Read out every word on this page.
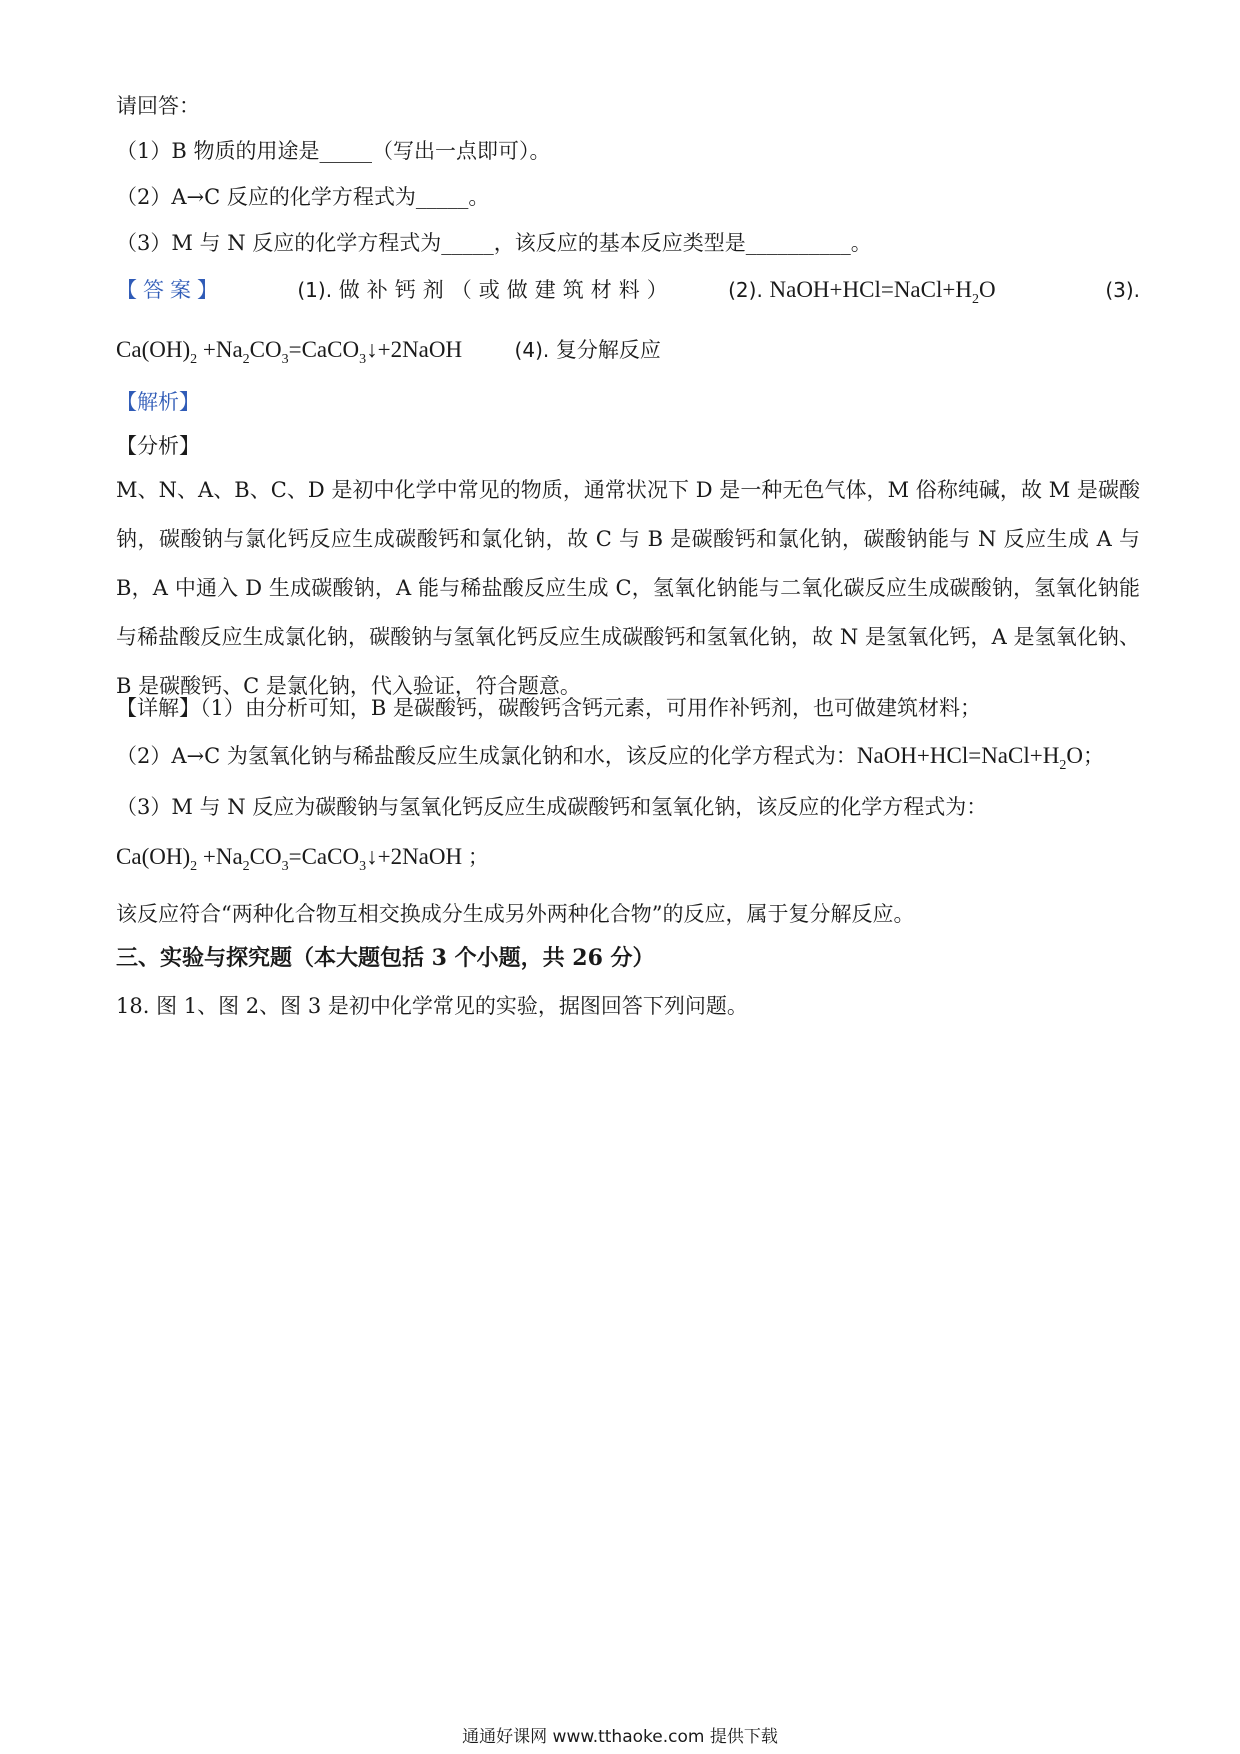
请回答：
（1）B 物质的用途是_____（写出一点即可）。
（2）A→C 反应的化学方程式为_____。
（3）M 与 N 反应的化学方程式为_____，该反应的基本反应类型是__________。
【答案】	(1). 做补钙剂（或做建筑材料）	(2). $NaOH+HCl=NaCl+H_2O$	(3).
$Ca(OH)_2$ $+Na_2CO_3=CaCO_3↓+2NaOH$	(4). 复分解反应
【解析】
【分析】
M、N、A、B、C、D 是初中化学中常见的物质，通常状况下 D 是一种无色气体，M 俗称纯碱，故 M 是碳酸钠，碳酸钠与氯化钙反应生成碳酸钙和氯化钠，故 C 与 B 是碳酸钙和氯化钠，碳酸钠能与 N 反应生成 A 与 B，A 中通入 D 生成碳酸钠，A 能与稀盐酸反应生成 C，氢氧化钠能与二氧化碳反应生成碳酸钠，氢氧化钠能与稀盐酸反应生成氯化钠，碳酸钠与氢氧化钙反应生成碳酸钙和氢氧化钠，故 N 是氢氧化钙，A 是氢氧化钠、B 是碳酸钙、C 是氯化钠，代入验证，符合题意。
【详解】（1）由分析可知，B 是碳酸钙，碳酸钙含钙元素，可用作补钙剂，也可做建筑材料；
（2）A→C 为氢氧化钠与稀盐酸反应生成氯化钠和水，该反应的化学方程式为：$NaOH+HCl=NaCl+H_2O$；
（3）M 与 N 反应为碳酸钠与氢氧化钙反应生成碳酸钙和氢氧化钠，该反应的化学方程式为：
$Ca(OH)_2$ $+Na_2CO_3=CaCO_3↓+2NaOH$ ；
该反应符合“两种化合物互相交换成分生成另外两种化合物”的反应，属于复分解反应。
三、实验与探究题（本大题包括 3 个小题，共 26 分）
18. 图 1、图 2、图 3 是初中化学常见的实验，据图回答下列问题。
通通好课网 www.tthaoke.com 提供下载
